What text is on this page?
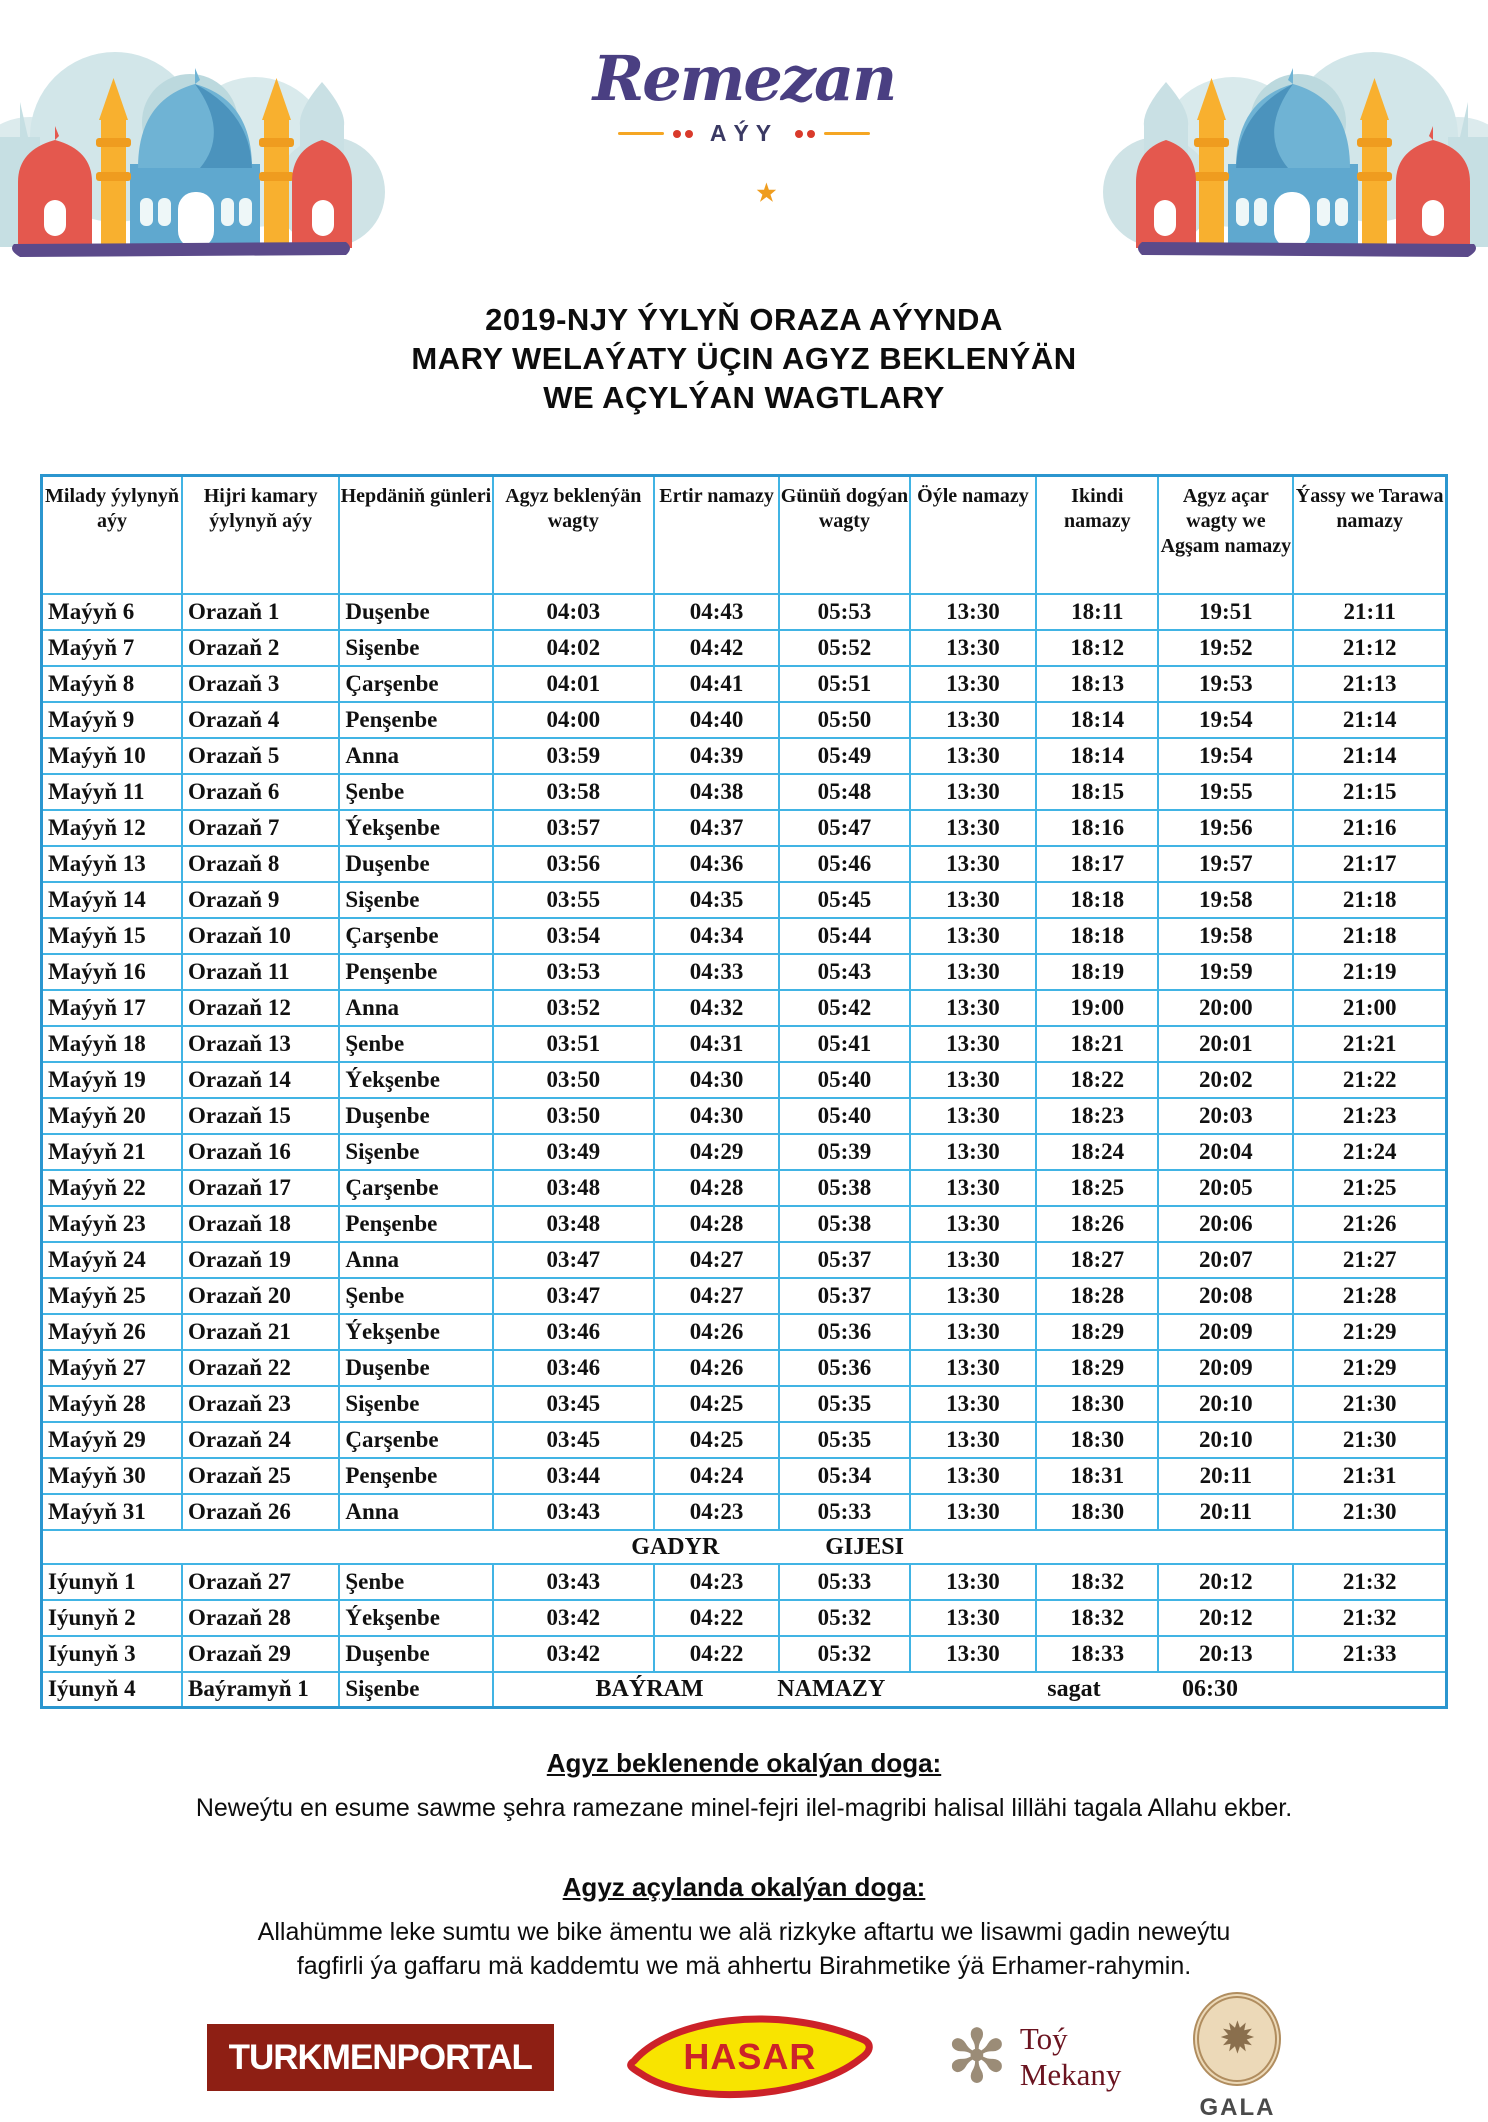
Remezan
AÝY
2019-NJY ÝYLYŇ ORAZA AÝYNDA
MARY WELAÝATY ÜÇIN AGYZ BEKLENÝÄN
WE AÇYLÝAN WAGTLARY
Milady ýylynyň aýy	Hijri kamary ýylynyň aýy	Hepdäniň günleri	Agyz beklenýän wagty	Ertir namazy	Günüň dogýan wagty	Öýle namazy	Ikindi namazy	Agyz açar wagty we Agşam namazy	Ýassy we Tarawa namazy
Maýyň 6	Orazaň 1	Duşenbe	04:03	04:43	05:53	13:30	18:11	19:51	21:11
Maýyň 7	Orazaň 2	Sişenbe	04:02	04:42	05:52	13:30	18:12	19:52	21:12
Maýyň 8	Orazaň 3	Çarşenbe	04:01	04:41	05:51	13:30	18:13	19:53	21:13
Maýyň 9	Orazaň 4	Penşenbe	04:00	04:40	05:50	13:30	18:14	19:54	21:14
Maýyň 10	Orazaň 5	Anna	03:59	04:39	05:49	13:30	18:14	19:54	21:14
Maýyň 11	Orazaň 6	Şenbe	03:58	04:38	05:48	13:30	18:15	19:55	21:15
Maýyň 12	Orazaň 7	Ýekşenbe	03:57	04:37	05:47	13:30	18:16	19:56	21:16
Maýyň 13	Orazaň 8	Duşenbe	03:56	04:36	05:46	13:30	18:17	19:57	21:17
Maýyň 14	Orazaň 9	Sişenbe	03:55	04:35	05:45	13:30	18:18	19:58	21:18
Maýyň 15	Orazaň 10	Çarşenbe	03:54	04:34	05:44	13:30	18:18	19:58	21:18
Maýyň 16	Orazaň 11	Penşenbe	03:53	04:33	05:43	13:30	18:19	19:59	21:19
Maýyň 17	Orazaň 12	Anna	03:52	04:32	05:42	13:30	19:00	20:00	21:00
Maýyň 18	Orazaň 13	Şenbe	03:51	04:31	05:41	13:30	18:21	20:01	21:21
Maýyň 19	Orazaň 14	Ýekşenbe	03:50	04:30	05:40	13:30	18:22	20:02	21:22
Maýyň 20	Orazaň 15	Duşenbe	03:50	04:30	05:40	13:30	18:23	20:03	21:23
Maýyň 21	Orazaň 16	Sişenbe	03:49	04:29	05:39	13:30	18:24	20:04	21:24
Maýyň 22	Orazaň 17	Çarşenbe	03:48	04:28	05:38	13:30	18:25	20:05	21:25
Maýyň 23	Orazaň 18	Penşenbe	03:48	04:28	05:38	13:30	18:26	20:06	21:26
Maýyň 24	Orazaň 19	Anna	03:47	04:27	05:37	13:30	18:27	20:07	21:27
Maýyň 25	Orazaň 20	Şenbe	03:47	04:27	05:37	13:30	18:28	20:08	21:28
Maýyň 26	Orazaň 21	Ýekşenbe	03:46	04:26	05:36	13:30	18:29	20:09	21:29
Maýyň 27	Orazaň 22	Duşenbe	03:46	04:26	05:36	13:30	18:29	20:09	21:29
Maýyň 28	Orazaň 23	Sişenbe	03:45	04:25	05:35	13:30	18:30	20:10	21:30
Maýyň 29	Orazaň 24	Çarşenbe	03:45	04:25	05:35	13:30	18:30	20:10	21:30
Maýyň 30	Orazaň 25	Penşenbe	03:44	04:24	05:34	13:30	18:31	20:11	21:31
Maýyň 31	Orazaň 26	Anna	03:43	04:23	05:33	13:30	18:30	20:11	21:30

GADYR GIJESI									

Iýunyň 1	Orazaň 27	Şenbe	03:43	04:23	05:33	13:30	18:32	20:12	21:32
Iýunyň 2	Orazaň 28	Ýekşenbe	03:42	04:22	05:32	13:30	18:32	20:12	21:32
Iýunyň 3	Orazaň 29	Duşenbe	03:42	04:22	05:32	13:30	18:33	20:13	21:33
Iýunyň 4	Baýramyň 1	Sişenbe	BAÝRAM NAMAZY sagat 06:30						
Agyz beklenende okalýan doga:
Neweýtu en esume sawme şehra ramezane minel-fejri ilel-magribi halisal lillähi tagala Allahu ekber.
Agyz açylanda okalýan doga:
Allahümme leke sumtu we bike ämentu we alä rizkyke aftartu we lisawmi gadin neweýtu
fagfirli ýa gaffaru mä kaddemtu we mä ahhertu Birahmetike ýä Erhamer-rahymin.
TURKMENPORTAL	HASAR ✻ Toý
Mekany
✹
GALA
